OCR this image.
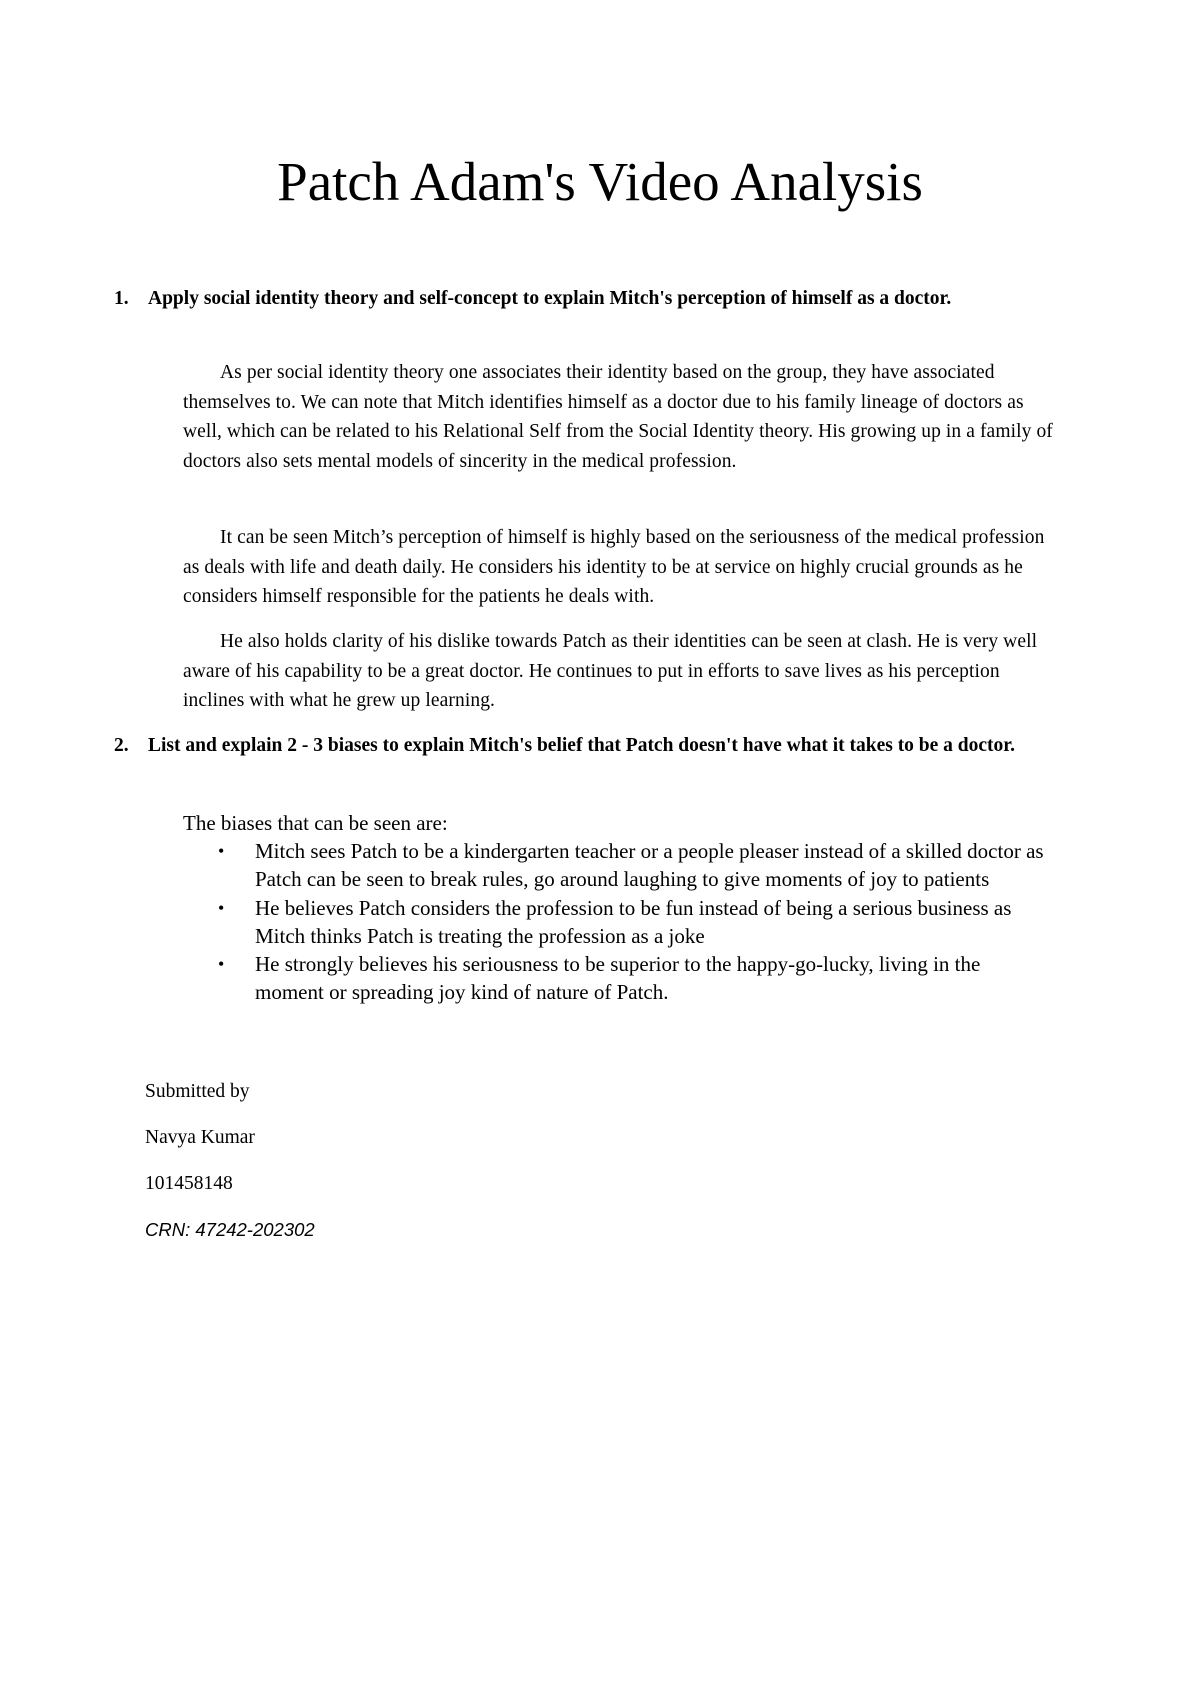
Patch Adam's Video Analysis

1. Apply social identity theory and self-concept to explain Mitch's perception of himself as a doctor.

As per social identity theory one associates their identity based on the group, they have associated themselves to. We can note that Mitch identifies himself as a doctor due to his family lineage of doctors as well, which can be related to his Relational Self from the Social Identity theory. His growing up in a family of doctors also sets mental models of sincerity in the medical profession.

It can be seen Mitch’s perception of himself is highly based on the seriousness of the medical profession as deals with life and death daily. He considers his identity to be at service on highly crucial grounds as he considers himself responsible for the patients he deals with.

He also holds clarity of his dislike towards Patch as their identities can be seen at clash. He is very well aware of his capability to be a great doctor. He continues to put in efforts to save lives as his perception inclines with what he grew up learning.

2. List and explain 2 - 3 biases to explain Mitch's belief that Patch doesn't have what it takes to be a doctor.

The biases that can be seen are:

• Mitch sees Patch to be a kindergarten teacher or a people pleaser instead of a skilled doctor as Patch can be seen to break rules, go around laughing to give moments of joy to patients
• He believes Patch considers the profession to be fun instead of being a serious business as Mitch thinks Patch is treating the profession as a joke
• He strongly believes his seriousness to be superior to the happy-go-lucky, living in the moment or spreading joy kind of nature of Patch.

Submitted by

Navya Kumar

101458148

CRN: 47242-202302
